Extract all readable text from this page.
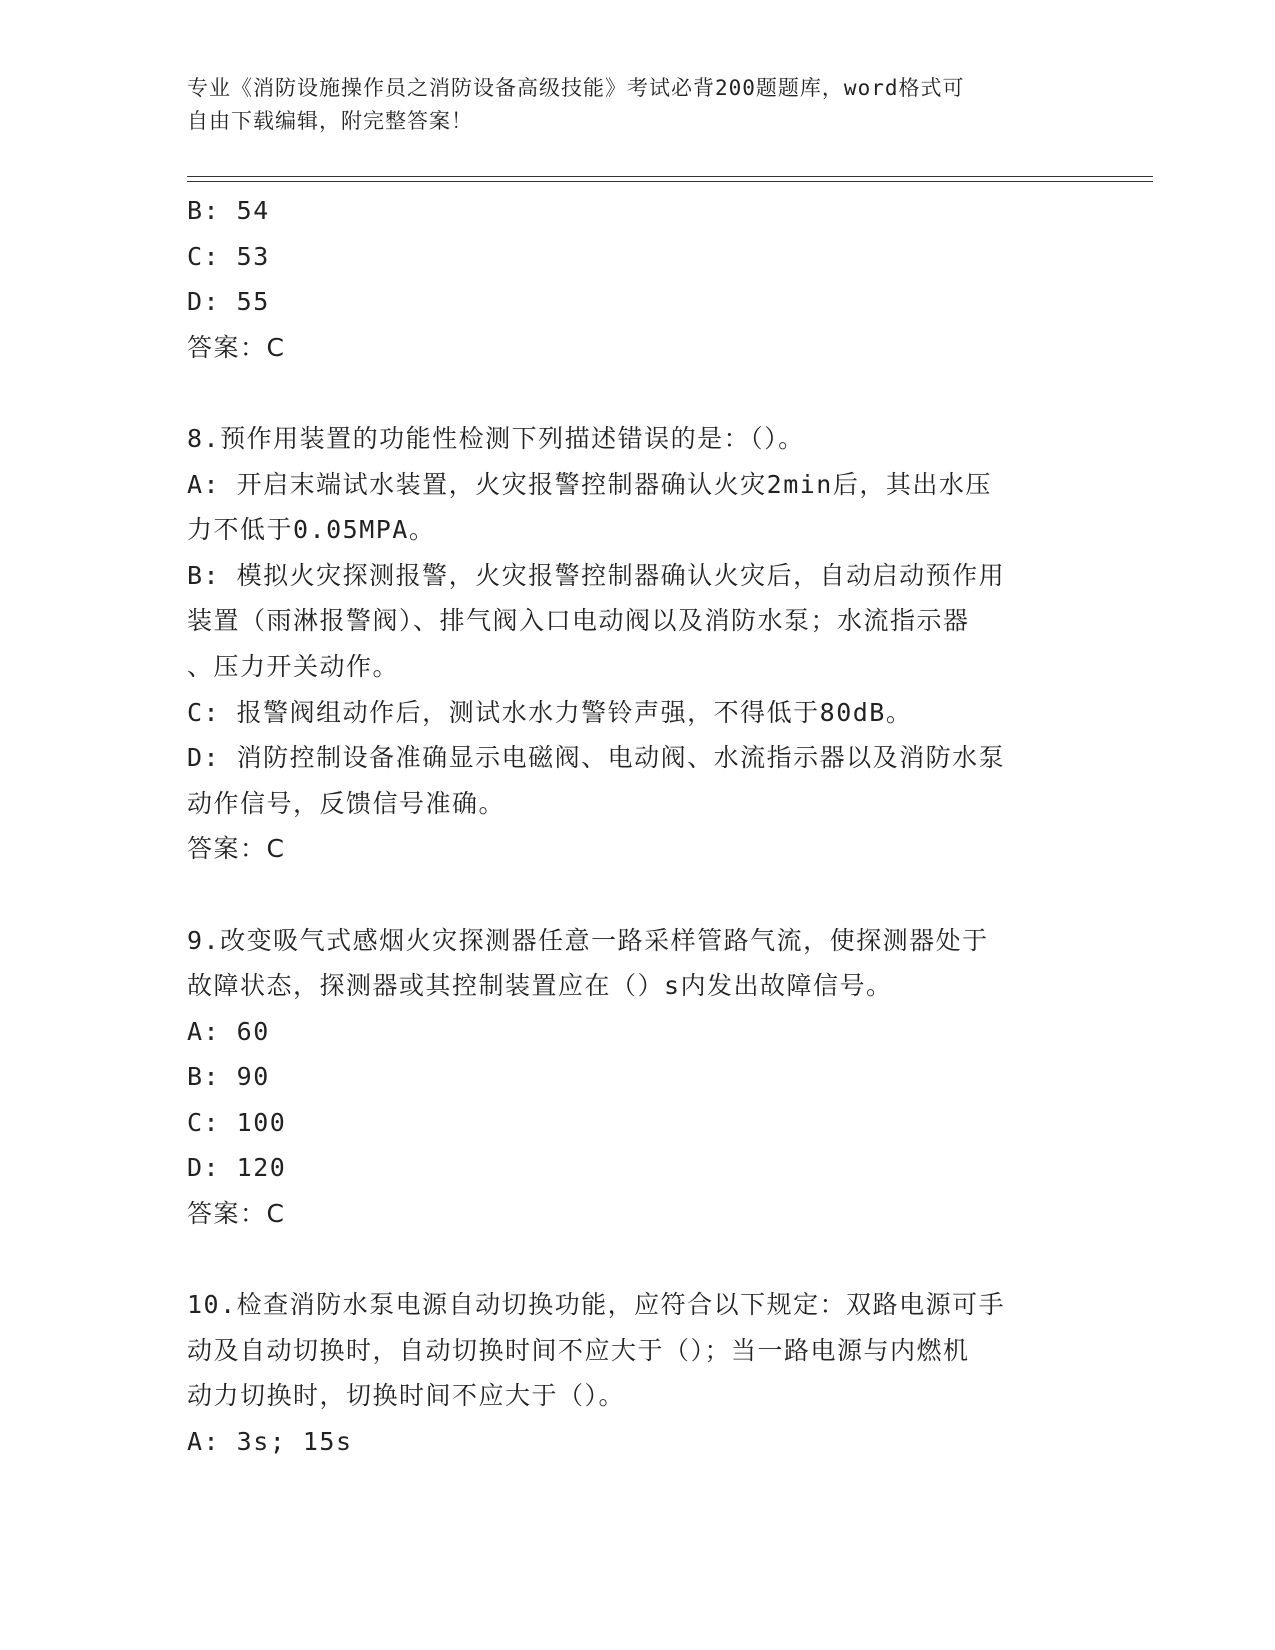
专业《消防设施操作员之消防设备高级技能》考试必背200题题库，word格式可
自由下载编辑，附完整答案！
B: 54
C: 53
D: 55
答案：C
8.预作用装置的功能性检测下列描述错误的是：（）。
A: 开启末端试水装置，火灾报警控制器确认火灾2min后，其出水压
力不低于0.05MPA。
B: 模拟火灾探测报警，火灾报警控制器确认火灾后，自动启动预作用
装置（雨淋报警阀）、排气阀入口电动阀以及消防水泵；水流指示器
、压力开关动作。
C: 报警阀组动作后，测试水水力警铃声强，不得低于80dB。
D: 消防控制设备准确显示电磁阀、电动阀、水流指示器以及消防水泵
动作信号，反馈信号准确。
答案：C
9.改变吸气式感烟火灾探测器任意一路采样管路气流，使探测器处于
故障状态，探测器或其控制装置应在（）s内发出故障信号。
A: 60
B: 90
C: 100
D: 120
答案：C
10.检查消防水泵电源自动切换功能，应符合以下规定：双路电源可手
动及自动切换时，自动切换时间不应大于（）；当一路电源与内燃机
动力切换时，切换时间不应大于（）。
A: 3s; 15s
